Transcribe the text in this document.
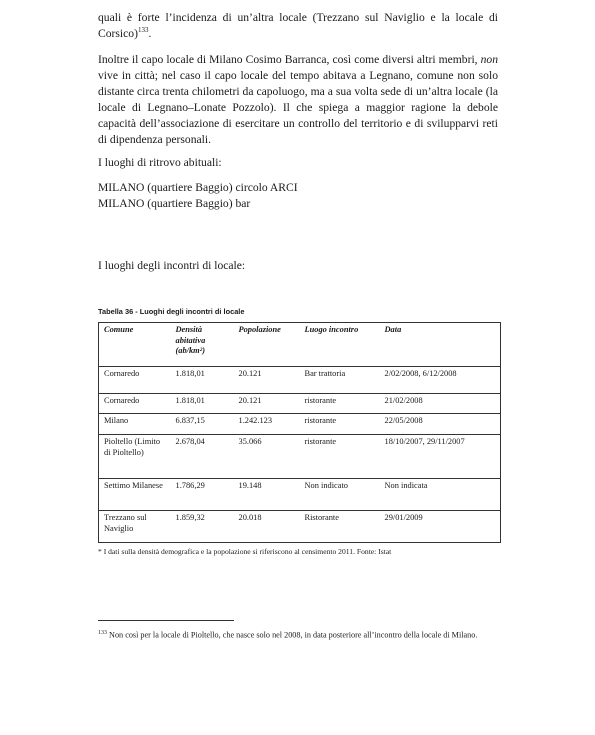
quali è forte l’incidenza di un’altra locale (Trezzano sul Naviglio e la locale di Corsico)$^{133}$.

Inoltre il capo locale di Milano Cosimo Barranca, così come diversi altri membri, non vive in città; nel caso il capo locale del tempo abitava a Legnano, comune non solo distante circa trenta chilometri da capoluogo, ma a sua volta sede di un’altra locale (la locale di Legnano–Lonate Pozzolo). Il che spiega a maggior ragione la debole capacità dell’associazione di esercitare un controllo del territorio e di svilupparvi reti di dipendenza personali.

I luoghi di ritrovo abituali:

MILANO (quartiere Baggio) circolo ARCI

MILANO (quartiere Baggio) bar

I luoghi degli incontri di locale:

Tabella 36 - Luoghi degli incontri di locale

Comune	Densità abitativa (ab/km²)	Popolazione	Luogo incontro	Data
Cornaredo	1.818,01	20.121	Bar trattoria	2/02/2008, 6/12/2008
Cornaredo	1.818,01	20.121	ristorante	21/02/2008
Milano	6.837,15	1.242.123	ristorante	22/05/2008
Pioltello (Limito di Pioltello)	2.678,04	35.066	ristorante	18/10/2007, 29/11/2007
Settimo Milanese	1.786,29	19.148	Non indicato	Non indicata
Trezzano sul Naviglio	1.859,32	20.018	Ristorante	29/01/2009

* I dati sulla densità demografica e la popolazione si riferiscono al censimento 2011. Fonte: Istat

$^{133}$ Non così per la locale di Pioltello, che nasce solo nel 2008, in data posteriore all’incontro della locale di Milano.
